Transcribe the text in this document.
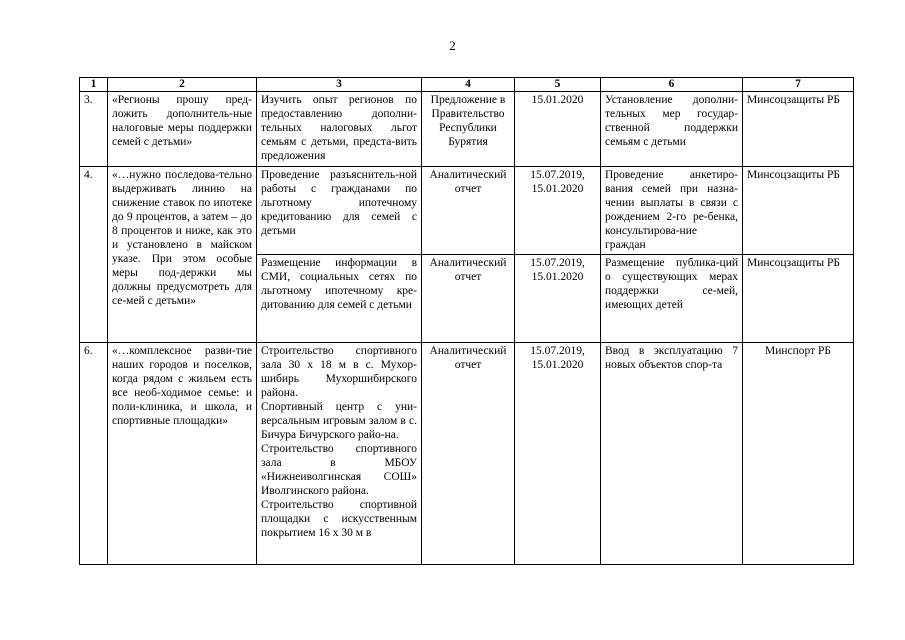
2
1	2	3	4	5	6	7
3.	«Регионы прошу пред-ложить дополнитель-ные налоговые меры поддержки семей с детьми»	Изучить опыт регионов по предоставлению дополни-тельных налоговых льгот семьям с детьми, предста-вить предложения	Предложение в Правительство Республики Бурятия	15.01.2020	Установление дополни-тельных мер государ-ственной поддержки семьям с детьми	Минсоцзащиты РБ
4.	«…нужно последова-тельно выдерживать линию на снижение ставок по ипотеке до 9 процентов, а затем – до 8 процентов и ниже, как это и установлено в майском указе. При этом особые меры под-держки мы должны предусмотреть для се-мей с детьми»	Проведение разъяснитель-ной работы с гражданами по льготному ипотечному кредитованию для семей с детьми	Аналитический отчет	15.07.2019, 15.01.2020	Проведение анкетиро-вания семей при назна-чении выплаты в связи с рождением 2-го ре-бенка, консультирова-ние граждан	Минсоцзащиты РБ

		Размещение информации в СМИ, социальных сетях по льготному ипотечному кре-дитованию для семей с детьми	Аналитический отчет	15.07.2019, 15.01.2020	Размещение публика-ций о существующих мерах поддержки се-мей, имеющих детей	Минсоцзащиты РБ
6.	«…комплексное разви-тие наших городов и поселков, когда рядом с жильем есть все необ-ходимое семье: и поли-клиника, и школа, и спортивные площадки»	Строительство спортивного зала 30 х 18 м в с. Мухор-шибирь Мухоршибирского района.
Спортивный центр с уни-версальным игровым залом в с. Бичура Бичурского райо-на.
Строительство спортивного зала в МБОУ «Нижнеиволгинская СОШ» Иволгинского района.
Строительство спортивной площадки с искусственным покрытием 16 х 30 м в	Аналитический отчет	15.07.2019, 15.01.2020	Ввод в эксплуатацию 7 новых объектов спор-та	Минспорт РБ
